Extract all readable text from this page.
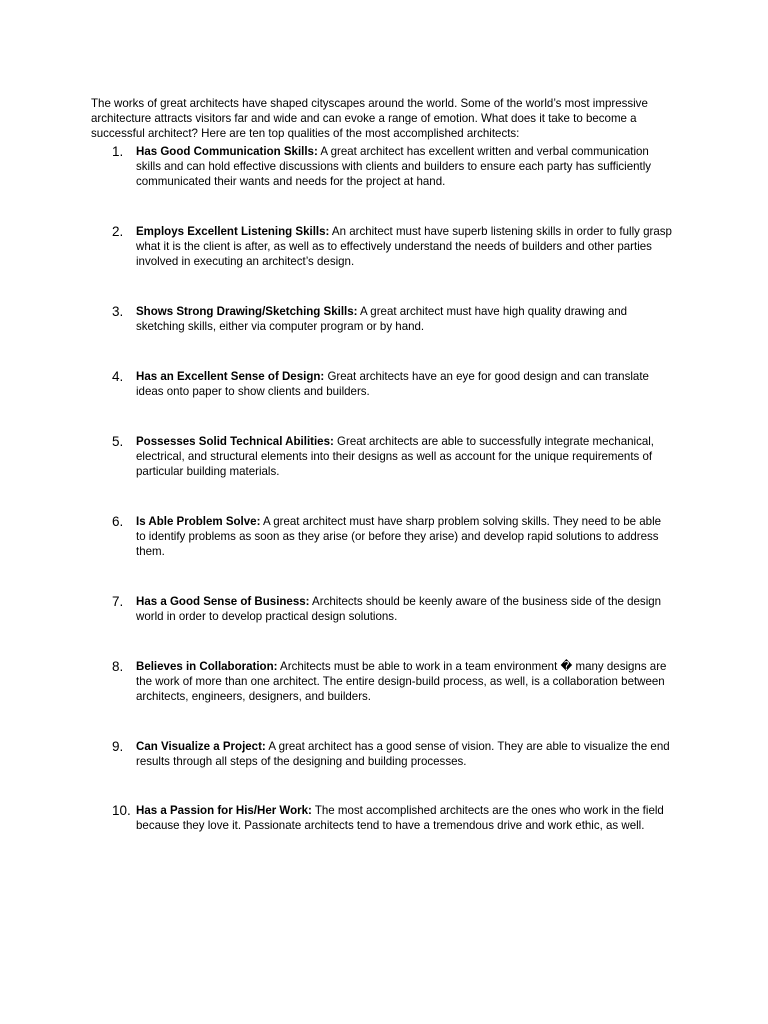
The works of great architects have shaped cityscapes around the world. Some of the world’s most impressive architecture attracts visitors far and wide and can evoke a range of emotion. What does it take to become a successful architect? Here are ten top qualities of the most accomplished architects:

1.	Has Good Communication Skills: A great architect has excellent written and verbal communication skills and can hold effective discussions with clients and builders to ensure each party has sufficiently communicated their wants and needs for the project at hand.

2.	Employs Excellent Listening Skills: An architect must have superb listening skills in order to fully grasp what it is the client is after, as well as to effectively understand the needs of builders and other parties involved in executing an architect’s design.

3.	Shows Strong Drawing/Sketching Skills: A great architect must have high quality drawing and sketching skills, either via computer program or by hand.

4.	Has an Excellent Sense of Design: Great architects have an eye for good design and can translate ideas onto paper to show clients and builders.

5.	Possesses Solid Technical Abilities: Great architects are able to successfully integrate mechanical, electrical, and structural elements into their designs as well as account for the unique requirements of particular building materials.

6.	Is Able Problem Solve: A great architect must have sharp problem solving skills. They need to be able to identify problems as soon as they arise (or before they arise) and develop rapid solutions to address them.

7.	Has a Good Sense of Business: Architects should be keenly aware of the business side of the design world in order to develop practical design solutions.

8.	Believes in Collaboration: Architects must be able to work in a team environment � many designs are the work of more than one architect. The entire design-build process, as well, is a collaboration between architects, engineers, designers, and builders.

9.	Can Visualize a Project: A great architect has a good sense of vision. They are able to visualize the end results through all steps of the designing and building processes.

10. Has a Passion for His/Her Work: The most accomplished architects are the ones who work in the field because they love it. Passionate architects tend to have a tremendous drive and work ethic, as well.
